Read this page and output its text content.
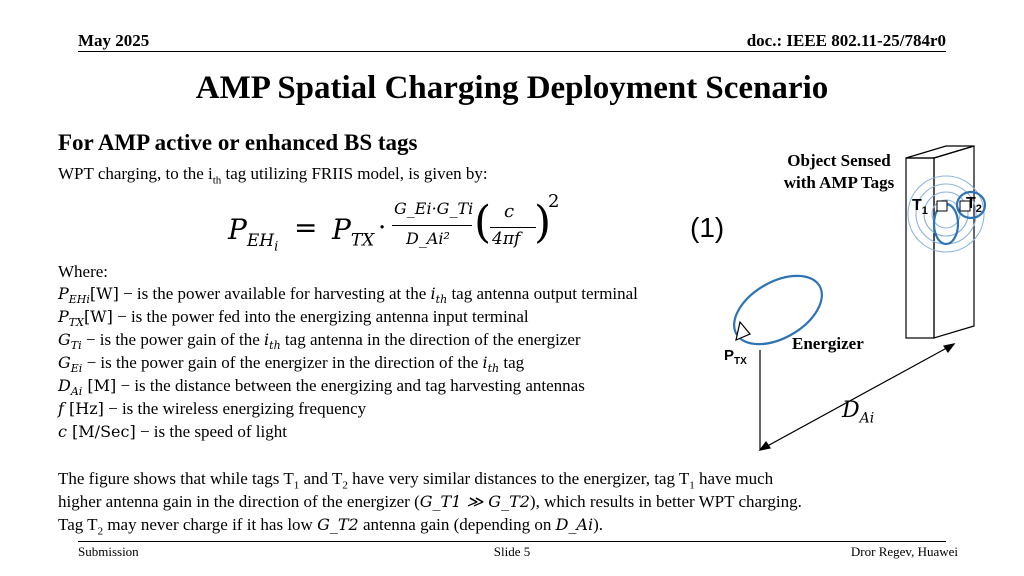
May 2025	doc.: IEEE 802.11-25/784r0
AMP Spatial Charging Deployment Scenario
For AMP active or enhanced BS tags
WPT charging, to the $i_{th}$ tag utilizing FRIIS model, is given by:
$P_{EH_i}$
= $P_{TX}$ ·
G_Ei·G_Ti
D_Ai² ( c
4πf )
2
(1)
Where:
$P_{EHi}[W]$ − is the power available for harvesting at the $i_{th}$ tag antenna output terminal
$P_{TX}[W]$ − is the power fed into the energizing antenna input terminal
$G_{Ti}$ − is the power gain of the $i_{th}$ tag antenna in the direction of the energizer
$G_{Ei}$ − is the power gain of the energizer in the direction of the $i_{th}$ tag
$D_{Ai}$ [M] − is the distance between the energizing and tag harvesting antennas
f [Hz] − is the wireless energizing frequency
c [M/Sec] − is the speed of light
The figure shows that while tags $T_1$ and $T_2$ have very similar distances to the energizer, tag $T_1$ have much
higher antenna gain in the direction of the energizer (G_T1 ≫ G_T2), which results in better WPT charging.
Tag $T_2$ may never charge if it has low G_T2 antenna gain (depending on D_Ai).
Object Sensed
with AMP Tags
$T_1$ $T_2$
Energizer
$P_{TX}$
$D_{Ai}$
Submission	Slide 5	Dror Regev, Huawei
